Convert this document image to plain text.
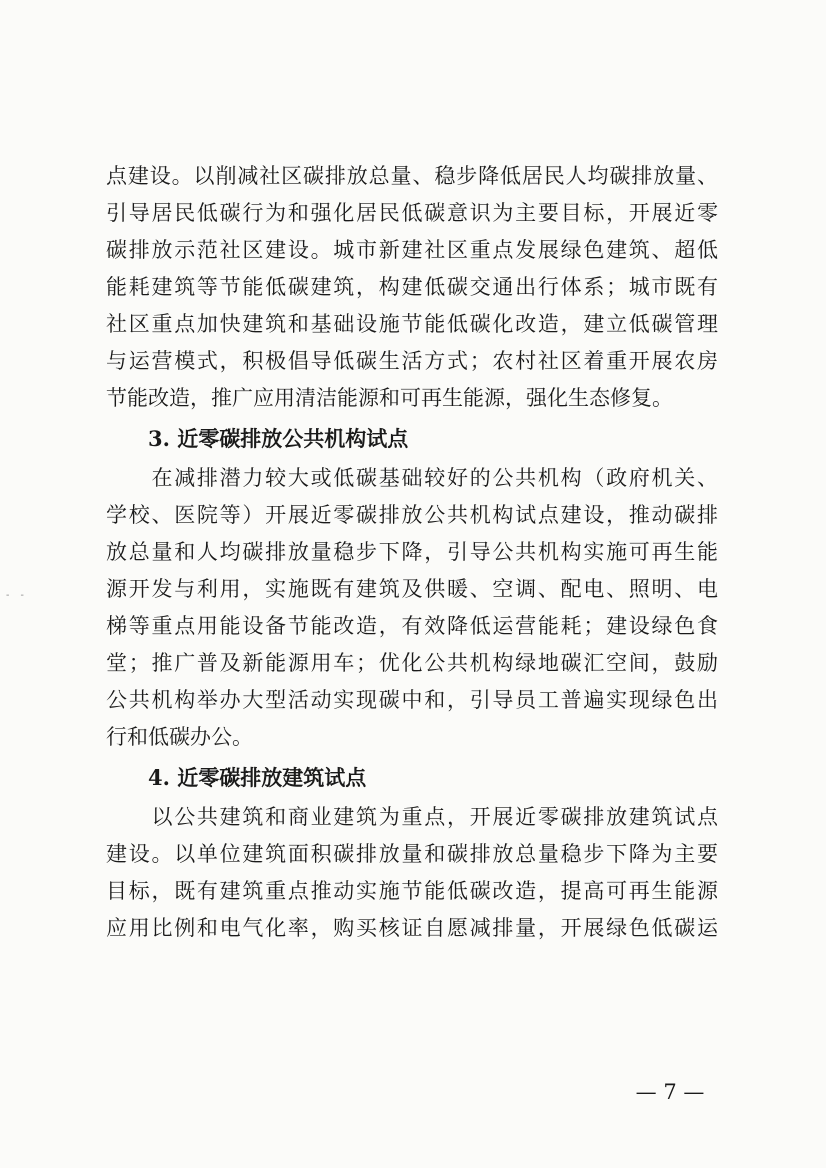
- -
点建设。以削减社区碳排放总量、稳步降低居民人均碳排放量、
引导居民低碳行为和强化居民低碳意识为主要目标，开展近零
碳排放示范社区建设。城市新建社区重点发展绿色建筑、超低
能耗建筑等节能低碳建筑，构建低碳交通出行体系；城市既有
社区重点加快建筑和基础设施节能低碳化改造，建立低碳管理
与运营模式，积极倡导低碳生活方式；农村社区着重开展农房
节能改造，推广应用清洁能源和可再生能源，强化生态修复。
3. 近零碳排放公共机构试点
　　在减排潜力较大或低碳基础较好的公共机构（政府机关、
学校、医院等）开展近零碳排放公共机构试点建设，推动碳排
放总量和人均碳排放量稳步下降，引导公共机构实施可再生能
源开发与利用，实施既有建筑及供暖、空调、配电、照明、电
梯等重点用能设备节能改造，有效降低运营能耗；建设绿色食
堂；推广普及新能源用车；优化公共机构绿地碳汇空间，鼓励
公共机构举办大型活动实现碳中和，引导员工普遍实现绿色出
行和低碳办公。
4. 近零碳排放建筑试点
　　以公共建筑和商业建筑为重点，开展近零碳排放建筑试点
建设。以单位建筑面积碳排放量和碳排放总量稳步下降为主要
目标，既有建筑重点推动实施节能低碳改造，提高可再生能源
应用比例和电气化率，购买核证自愿减排量，开展绿色低碳运
— 7 —
